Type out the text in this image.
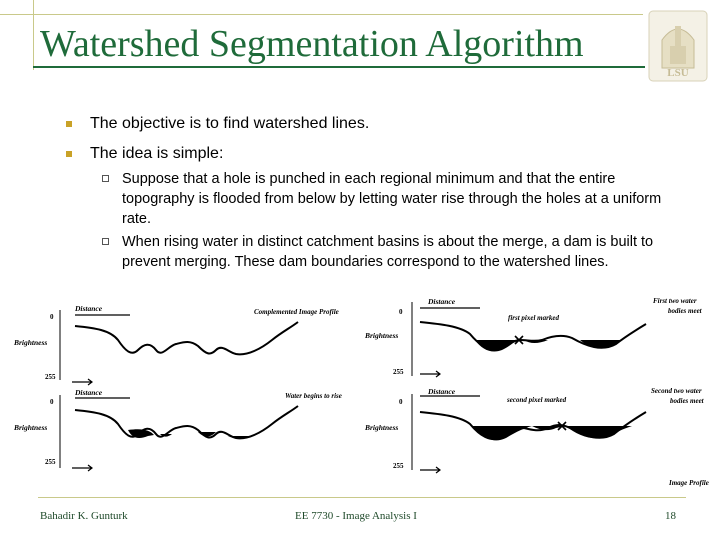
Watershed Segmentation Algorithm
LSU
The objective is to find watershed lines.
The idea is simple:
Suppose that a hole is punched in each regional minimum and that the entire topography is flooded from below by letting water rise through the holes at a uniform rate.
When rising water in distinct catchment basins is about the merge, a dam is built to prevent merging. These dam boundaries correspond to the watershed lines.
Distance
0
Brightness
255
Complemented Image Profile
Distance
0
Brightness
255
Water begins to rise
Distance
0
Brightness
255
First two water
bodies meet
first pixel marked
Distance
0
Brightness
255
Second two water
bodies meet
second pixel marked
Image Profile
Bahadir K. Gunturk	EE 7730 - Image Analysis I	18
